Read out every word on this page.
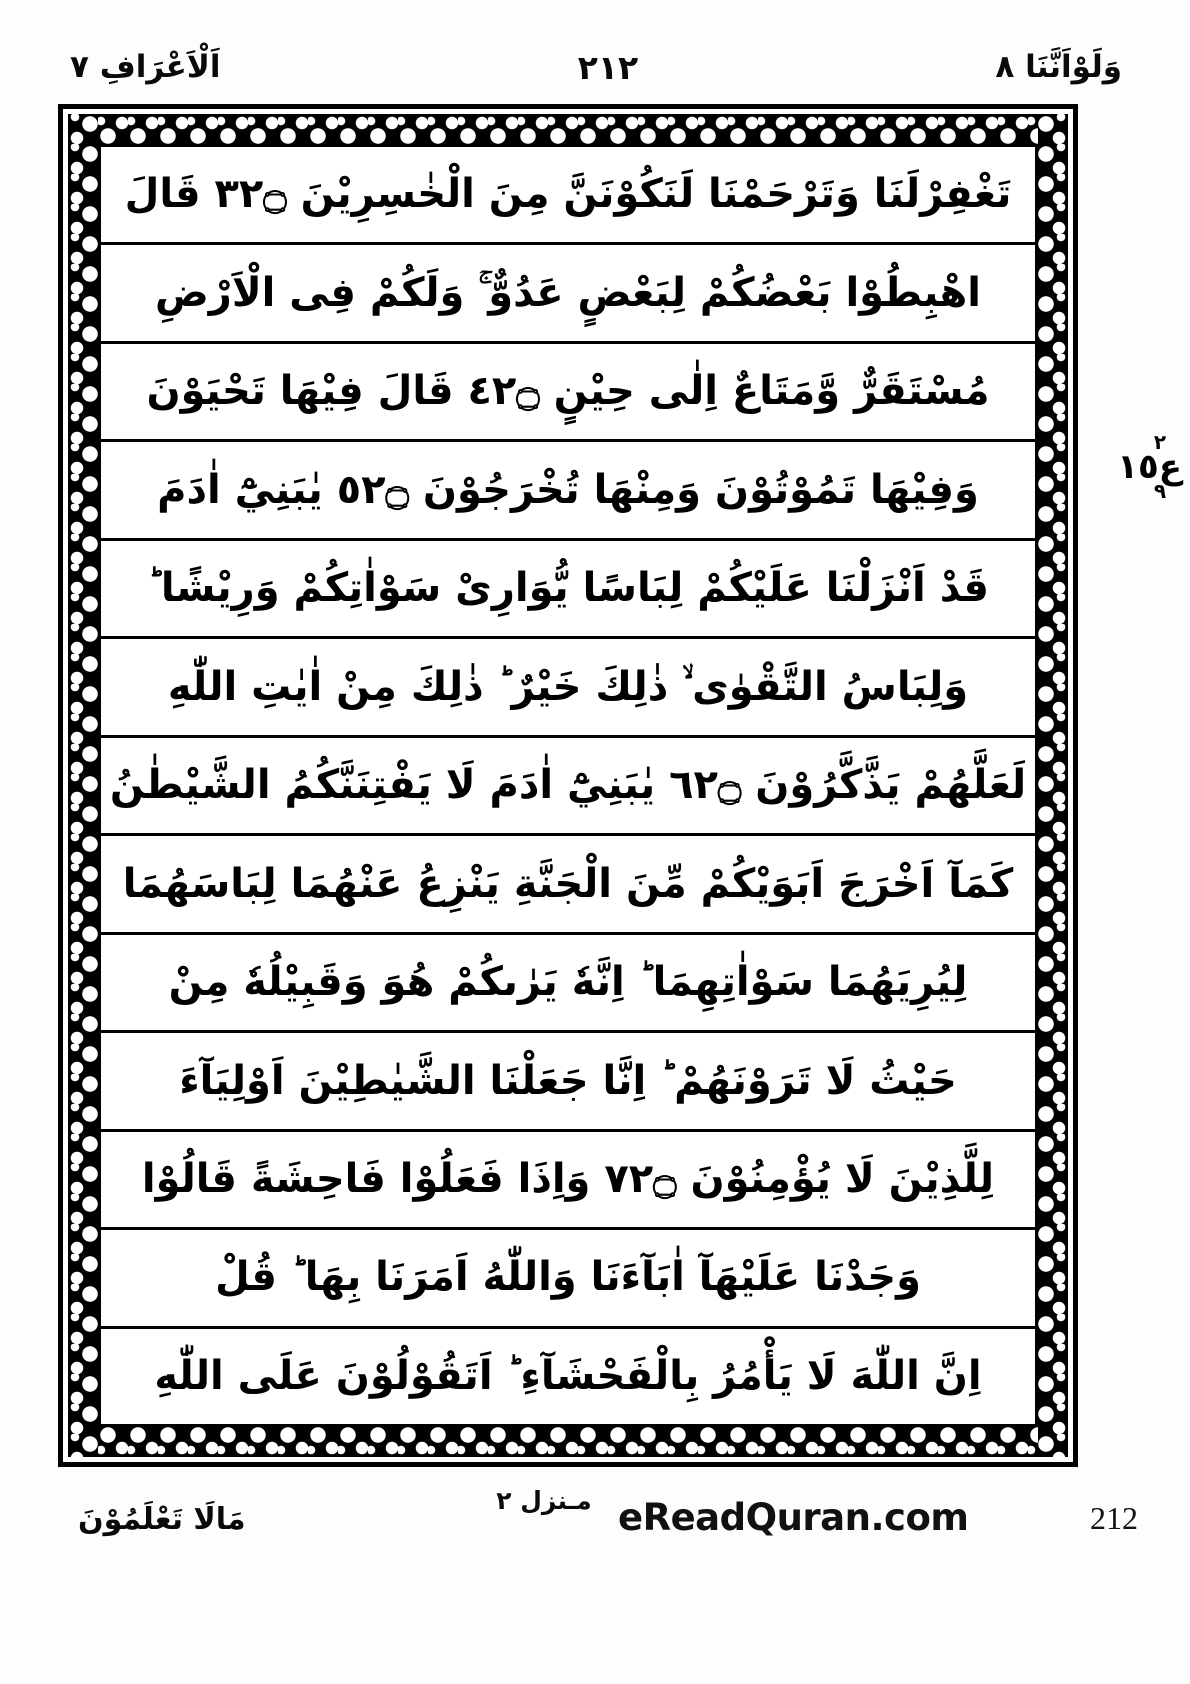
اَلْاَعْرَافِ ٧	٢١٢	وَلَوْاَنَّنَا ٨
تَغْفِرْلَنَا وَتَرْحَمْنَا لَنَكُوْنَنَّ مِنَ الْخٰسِرِيْنَ ۝٢٣ قَالَ
اهْبِطُوْا بَعْضُكُمْ لِبَعْضٍ عَدُوٌّ ۚ وَلَكُمْ فِى الْاَرْضِ
مُسْتَقَرٌّ وَّمَتَاعٌ اِلٰى حِيْنٍ ۝٢٤ قَالَ فِيْهَا تَحْيَوْنَ
وَفِيْهَا تَمُوْتُوْنَ وَمِنْهَا تُخْرَجُوْنَ ۝٢٥ يٰبَنِيْٓ اٰدَمَ
قَدْ اَنْزَلْنَا عَلَيْكُمْ لِبَاسًا يُّوَارِىْ سَوْاٰتِكُمْ وَرِيْشًا ؕ
وَلِبَاسُ التَّقْوٰى ۙ ذٰلِكَ خَيْرٌ ؕ ذٰلِكَ مِنْ اٰيٰتِ اللّٰهِ
لَعَلَّهُمْ يَذَّكَّرُوْنَ ۝٢٦ يٰبَنِيْٓ اٰدَمَ لَا يَفْتِنَنَّكُمُ الشَّيْطٰنُ
كَمَآ اَخْرَجَ اَبَوَيْكُمْ مِّنَ الْجَنَّةِ يَنْزِعُ عَنْهُمَا لِبَاسَهُمَا
لِيُرِيَهُمَا سَوْاٰتِهِمَا ؕ اِنَّهٗ يَرٰىكُمْ هُوَ وَقَبِيْلُهٗ مِنْ
حَيْثُ لَا تَرَوْنَهُمْ ؕ اِنَّا جَعَلْنَا الشَّيٰطِيْنَ اَوْلِيَآءَ
لِلَّذِيْنَ لَا يُؤْمِنُوْنَ ۝٢٧ وَاِذَا فَعَلُوْا فَاحِشَةً قَالُوْا
وَجَدْنَا عَلَيْهَآ اٰبَآءَنَا وَاللّٰهُ اَمَرَنَا بِهَا ؕ قُلْ
اِنَّ اللّٰهَ لَا يَأْمُرُ بِالْفَحْشَآءِ ؕ اَتَقُوْلُوْنَ عَلَى اللّٰهِ
٢
ع١٥
٩
مَالَا تَعْلَمُوْنَ
مـنزل ٢ eReadQuran.com	212
